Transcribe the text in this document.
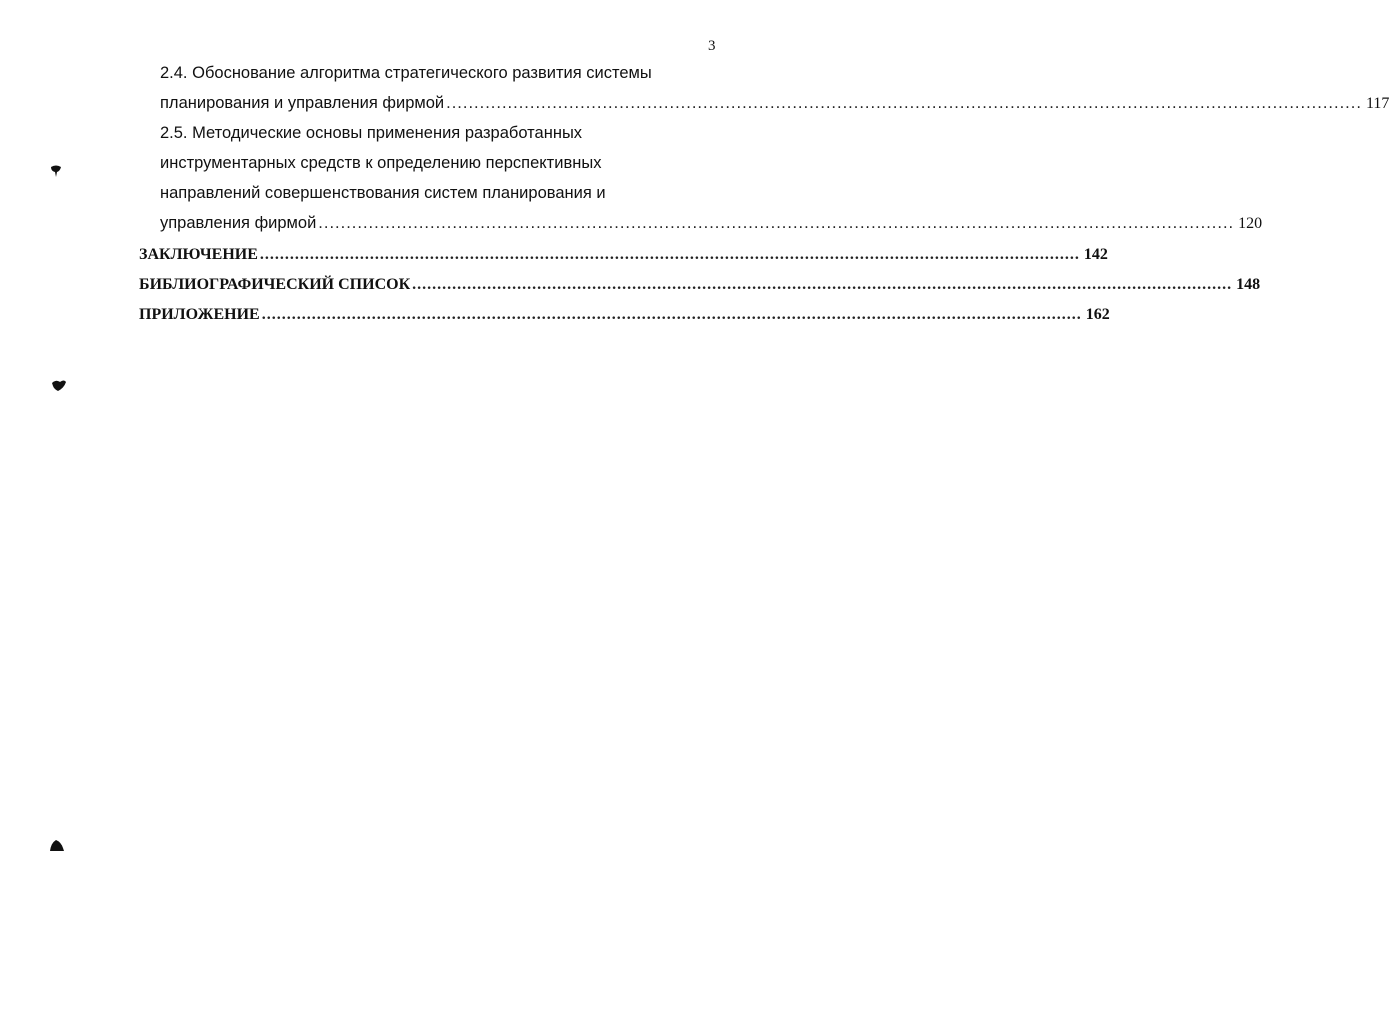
3
2.4. Обоснование алгоритма стратегического развития системы
планирования и управления фирмой .................................................................................................................................................................... 117
2.5. Методические основы применения разработанных
инструментарных средств к определению перспективных
направлений совершенствования систем планирования и
управления фирмой .................................................................................................................................................................... 120
ЗАКЛЮЧЕНИЕ .................................................................................................................................................................... 142
БИБЛИОГРАФИЧЕСКИЙ СПИСОК .................................................................................................................................................................... 148
ПРИЛОЖЕНИЕ .................................................................................................................................................................... 162
